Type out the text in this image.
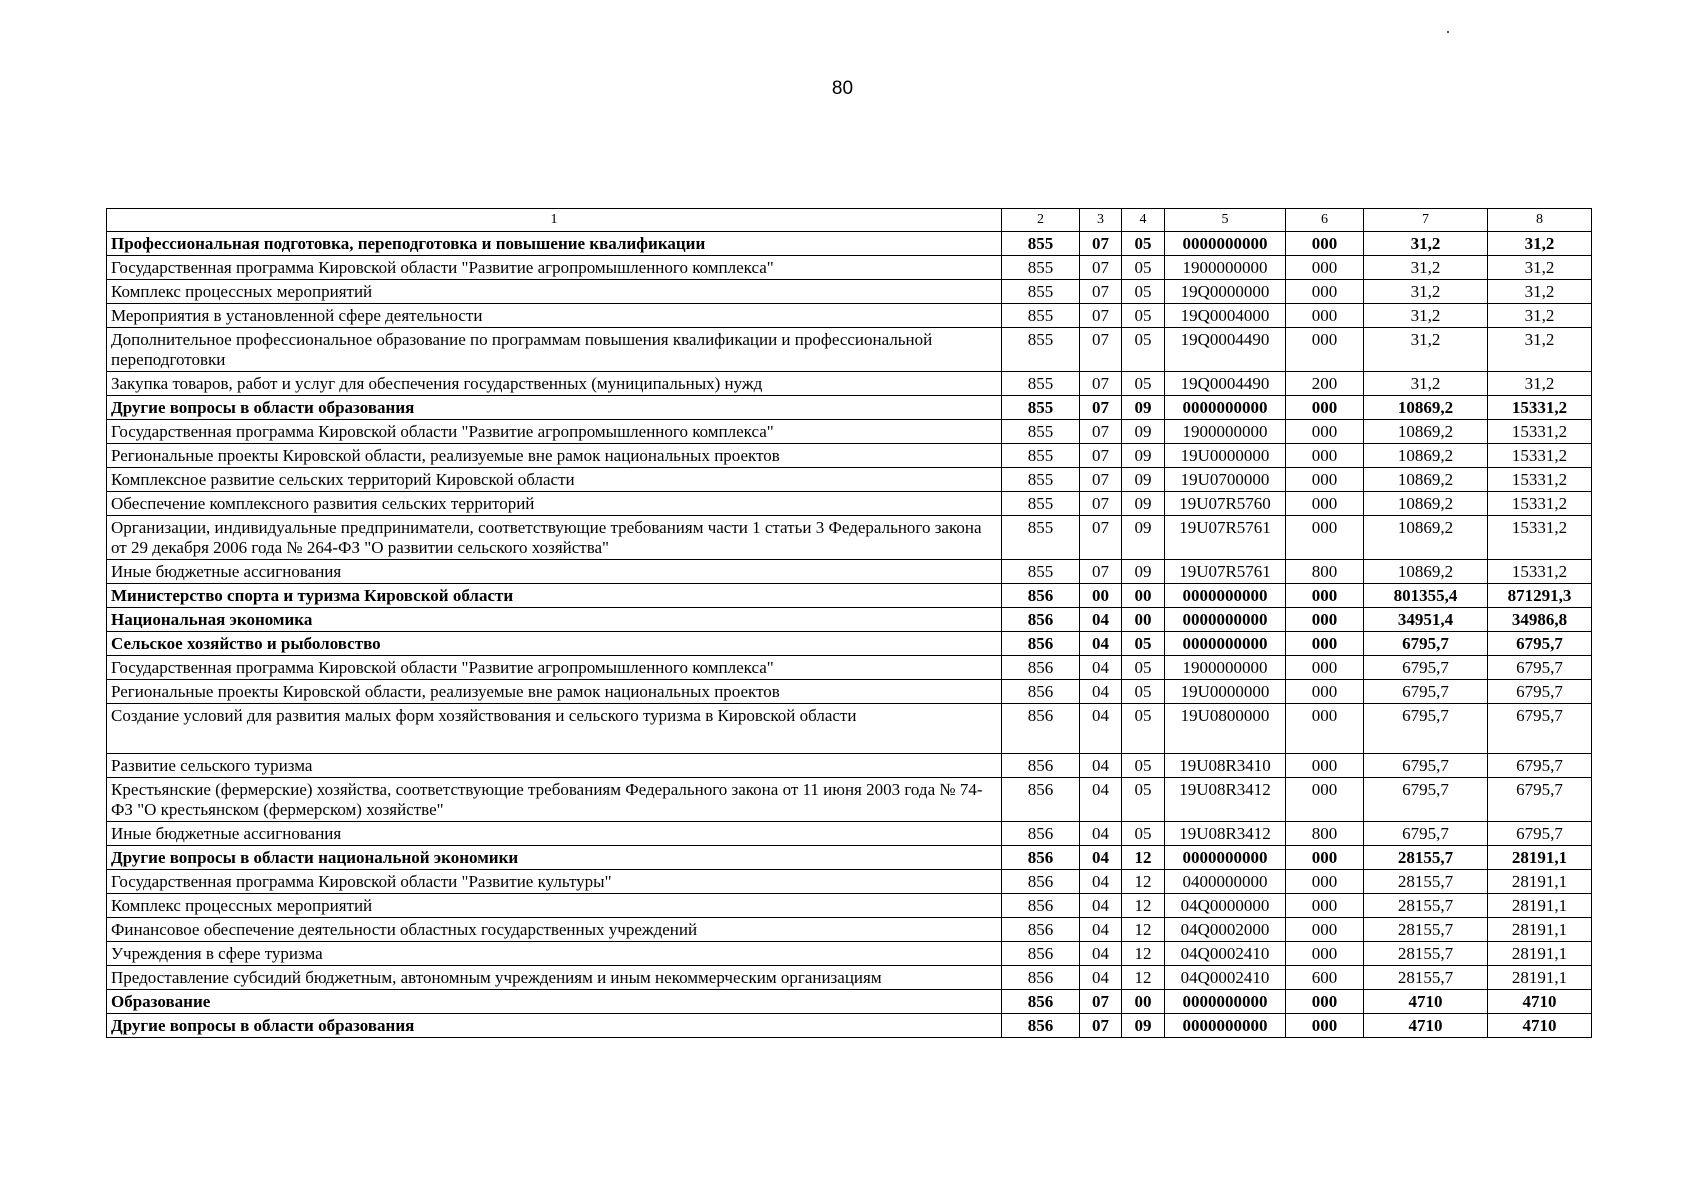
80
1	2	3	4	5	6	7	8
Профессиональная подготовка, переподготовка и повышение квалификации	855	07	05	0000000000	000	31,2	31,2
Государственная программа Кировской области "Развитие агропромышленного комплекса"	855	07	05	1900000000	000	31,2	31,2
Комплекс процессных мероприятий	855	07	05	19Q0000000	000	31,2	31,2
Мероприятия в установленной сфере деятельности	855	07	05	19Q0004000	000	31,2	31,2
Дополнительное профессиональное образование по программам повышения квалификации и профессиональной переподготовки	855	07	05	19Q0004490	000	31,2	31,2
Закупка товаров, работ и услуг для обеспечения государственных (муниципальных) нужд	855	07	05	19Q0004490	200	31,2	31,2
Другие вопросы в области образования	855	07	09	0000000000	000	10869,2	15331,2
Государственная программа Кировской области "Развитие агропромышленного комплекса"	855	07	09	1900000000	000	10869,2	15331,2
Региональные проекты Кировской области, реализуемые вне рамок национальных проектов	855	07	09	19U0000000	000	10869,2	15331,2
Комплексное развитие сельских территорий Кировской области	855	07	09	19U0700000	000	10869,2	15331,2
Обеспечение комплексного развития сельских территорий	855	07	09	19U07R5760	000	10869,2	15331,2
Организации, индивидуальные предприниматели, соответствующие требованиям части 1 статьи 3 Федерального закона от 29 декабря 2006 года № 264-ФЗ "О развитии сельского хозяйства"	855	07	09	19U07R5761	000	10869,2	15331,2
Иные бюджетные ассигнования	855	07	09	19U07R5761	800	10869,2	15331,2
Министерство спорта и туризма Кировской области	856	00	00	0000000000	000	801355,4	871291,3
Национальная экономика	856	04	00	0000000000	000	34951,4	34986,8
Сельское хозяйство и рыболовство	856	04	05	0000000000	000	6795,7	6795,7
Государственная программа Кировской области "Развитие агропромышленного комплекса"	856	04	05	1900000000	000	6795,7	6795,7
Региональные проекты Кировской области, реализуемые вне рамок национальных проектов	856	04	05	19U0000000	000	6795,7	6795,7
Создание условий для развития малых форм хозяйствования и сельского туризма в Кировской области	856	04	05	19U0800000	000	6795,7	6795,7
Развитие сельского туризма	856	04	05	19U08R3410	000	6795,7	6795,7
Крестьянские (фермерские) хозяйства, соответствующие требованиям Федерального закона от 11 июня 2003 года № 74-ФЗ "О крестьянском (фермерском) хозяйстве"	856	04	05	19U08R3412	000	6795,7	6795,7
Иные бюджетные ассигнования	856	04	05	19U08R3412	800	6795,7	6795,7
Другие вопросы в области национальной экономики	856	04	12	0000000000	000	28155,7	28191,1
Государственная программа Кировской области "Развитие культуры"	856	04	12	0400000000	000	28155,7	28191,1
Комплекс процессных мероприятий	856	04	12	04Q0000000	000	28155,7	28191,1
Финансовое обеспечение деятельности областных государственных учреждений	856	04	12	04Q0002000	000	28155,7	28191,1
Учреждения в сфере туризма	856	04	12	04Q0002410	000	28155,7	28191,1
Предоставление субсидий бюджетным, автономным учреждениям и иным некоммерческим организациям	856	04	12	04Q0002410	600	28155,7	28191,1
Образование	856	07	00	0000000000	000	4710	4710
Другие вопросы в области образования	856	07	09	0000000000	000	4710	4710
